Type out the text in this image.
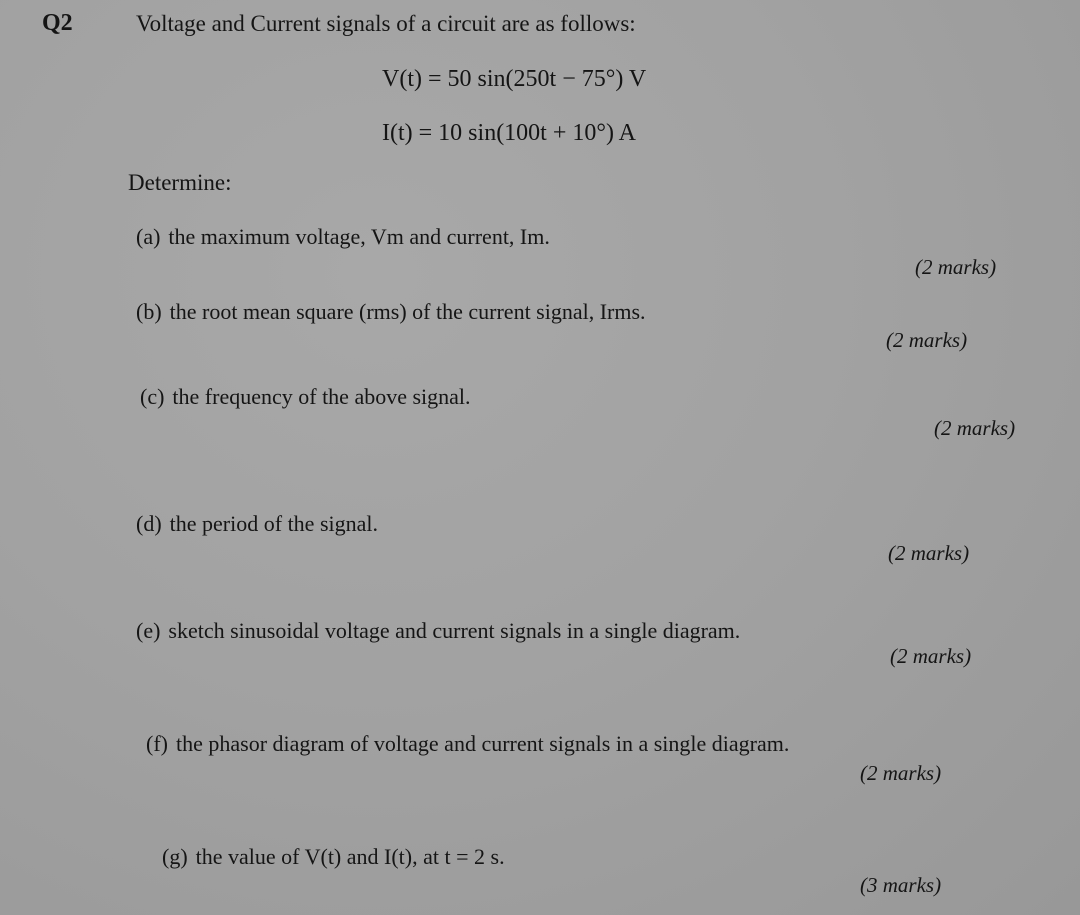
Q2	Voltage and Current signals of a circuit are as follows:
V(t) = 50 sin(250t − 75°) V
I(t) = 10 sin(100t + 10°) A
Determine:
(a) the maximum voltage, Vm and current, Im.
(2 marks)
(b) the root mean square (rms) of the current signal, Irms.
(2 marks)
(c) the frequency of the above signal.
(2 marks)
(d) the period of the signal.
(2 marks)
(e) sketch sinusoidal voltage and current signals in a single diagram.
(2 marks)
(f) the phasor diagram of voltage and current signals in a single diagram.
(2 marks)
(g) the value of V(t) and I(t), at t = 2 s.
(3 marks)
